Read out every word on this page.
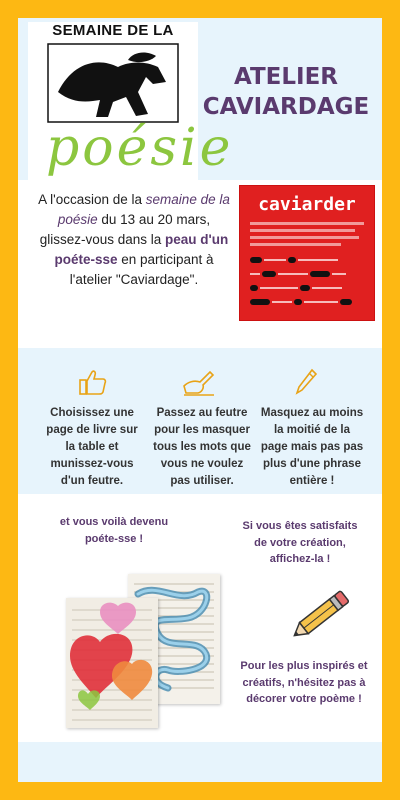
SEMAINE DE LA
poésie
ATELIER
CAVIARDAGE
A l'occasion de la semaine de la poésie du 13 au 20 mars,
glissez-vous dans la peau d'un poéte-sse en participant à l'atelier "Caviardage".
caviarder
Choisissez une page de livre sur la table et munissez-vous d'un feutre.
Passez au feutre pour les masquer tous les mots que vous ne voulez pas utiliser.
Masquez au moins la moitié de la page mais pas pas plus d'une phrase entière !
et vous voilà devenu poéte-sse !
Si vous êtes satisfaits de votre création, affichez-la !
Pour les plus inspirés et créatifs, n'hésitez pas à décorer votre poème !
